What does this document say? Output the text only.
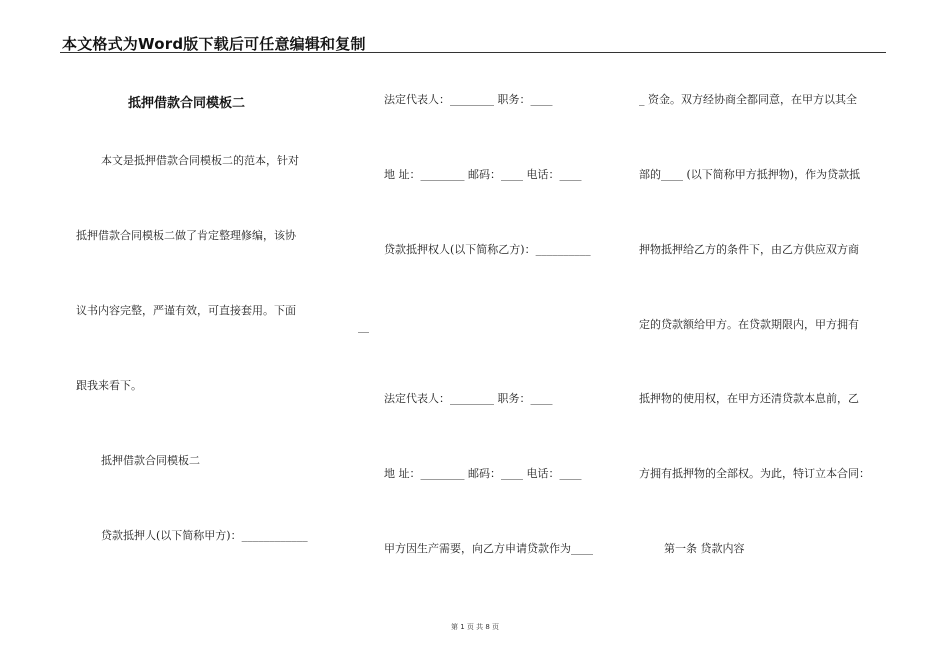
本文格式为Word版下载后可任意编辑和复制
抵押借款合同模板二
本文是抵押借款合同模板二的范本，针对
抵押借款合同模板二做了肯定整理修编，该协
议书内容完整，严谨有效，可直接套用。下面
跟我来看下。
抵押借款合同模板二
贷款抵押人(以下简称甲方)：____________
法定代表人：________ 职务：____
地 址：________ 邮码：____ 电话：____
贷款抵押权人(以下简称乙方)：__________
__
法定代表人：________ 职务：____
地 址：________ 邮码：____ 电话：____
甲方因生产需要，向乙方申请贷款作为____
_ 资金。双方经协商全都同意，在甲方以其全
部的____ (以下简称甲方抵押物)，作为贷款抵
押物抵押给乙方的条件下，由乙方供应双方商
定的贷款额给甲方。在贷款期限内，甲方拥有
抵押物的使用权，在甲方还清贷款本息前，乙
方拥有抵押物的全部权。为此，特订立本合同：
第一条 贷款内容
第 1 页 共 8 页
